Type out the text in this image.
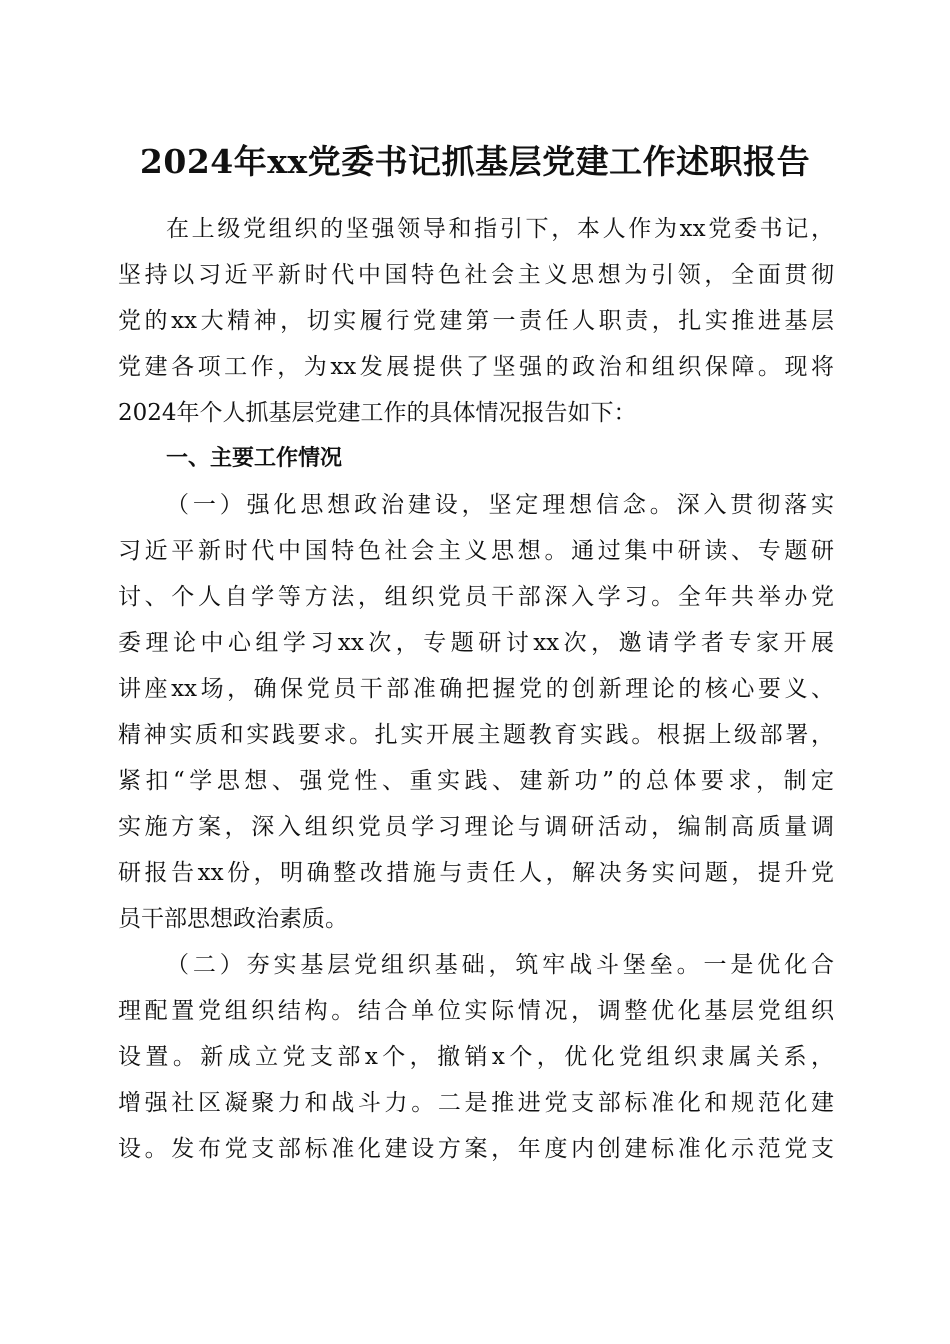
2024年xx党委书记抓基层党建工作述职报告
在上级党组织的坚强领导和指引下，本人作为xx党委书记，
坚持以习近平新时代中国特色社会主义思想为引领，全面贯彻
党的xx大精神，切实履行党建第一责任人职责，扎实推进基层
党建各项工作，为xx发展提供了坚强的政治和组织保障。现将
2024年个人抓基层党建工作的具体情况报告如下：
一、主要工作情况
（一）强化思想政治建设，坚定理想信念。深入贯彻落实
习近平新时代中国特色社会主义思想。通过集中研读、专题研
讨、个人自学等方法，组织党员干部深入学习。全年共举办党
委理论中心组学习xx次，专题研讨xx次，邀请学者专家开展
讲座xx场，确保党员干部准确把握党的创新理论的核心要义、
精神实质和实践要求。扎实开展主题教育实践。根据上级部署，
紧扣“学思想、强党性、重实践、建新功”的总体要求，制定
实施方案，深入组织党员学习理论与调研活动，编制高质量调
研报告xx份，明确整改措施与责任人，解决务实问题，提升党
员干部思想政治素质。
（二）夯实基层党组织基础，筑牢战斗堡垒。一是优化合
理配置党组织结构。结合单位实际情况，调整优化基层党组织
设置。新成立党支部x个，撤销x个，优化党组织隶属关系，
增强社区凝聚力和战斗力。二是推进党支部标准化和规范化建
设。发布党支部标准化建设方案，年度内创建标准化示范党支
